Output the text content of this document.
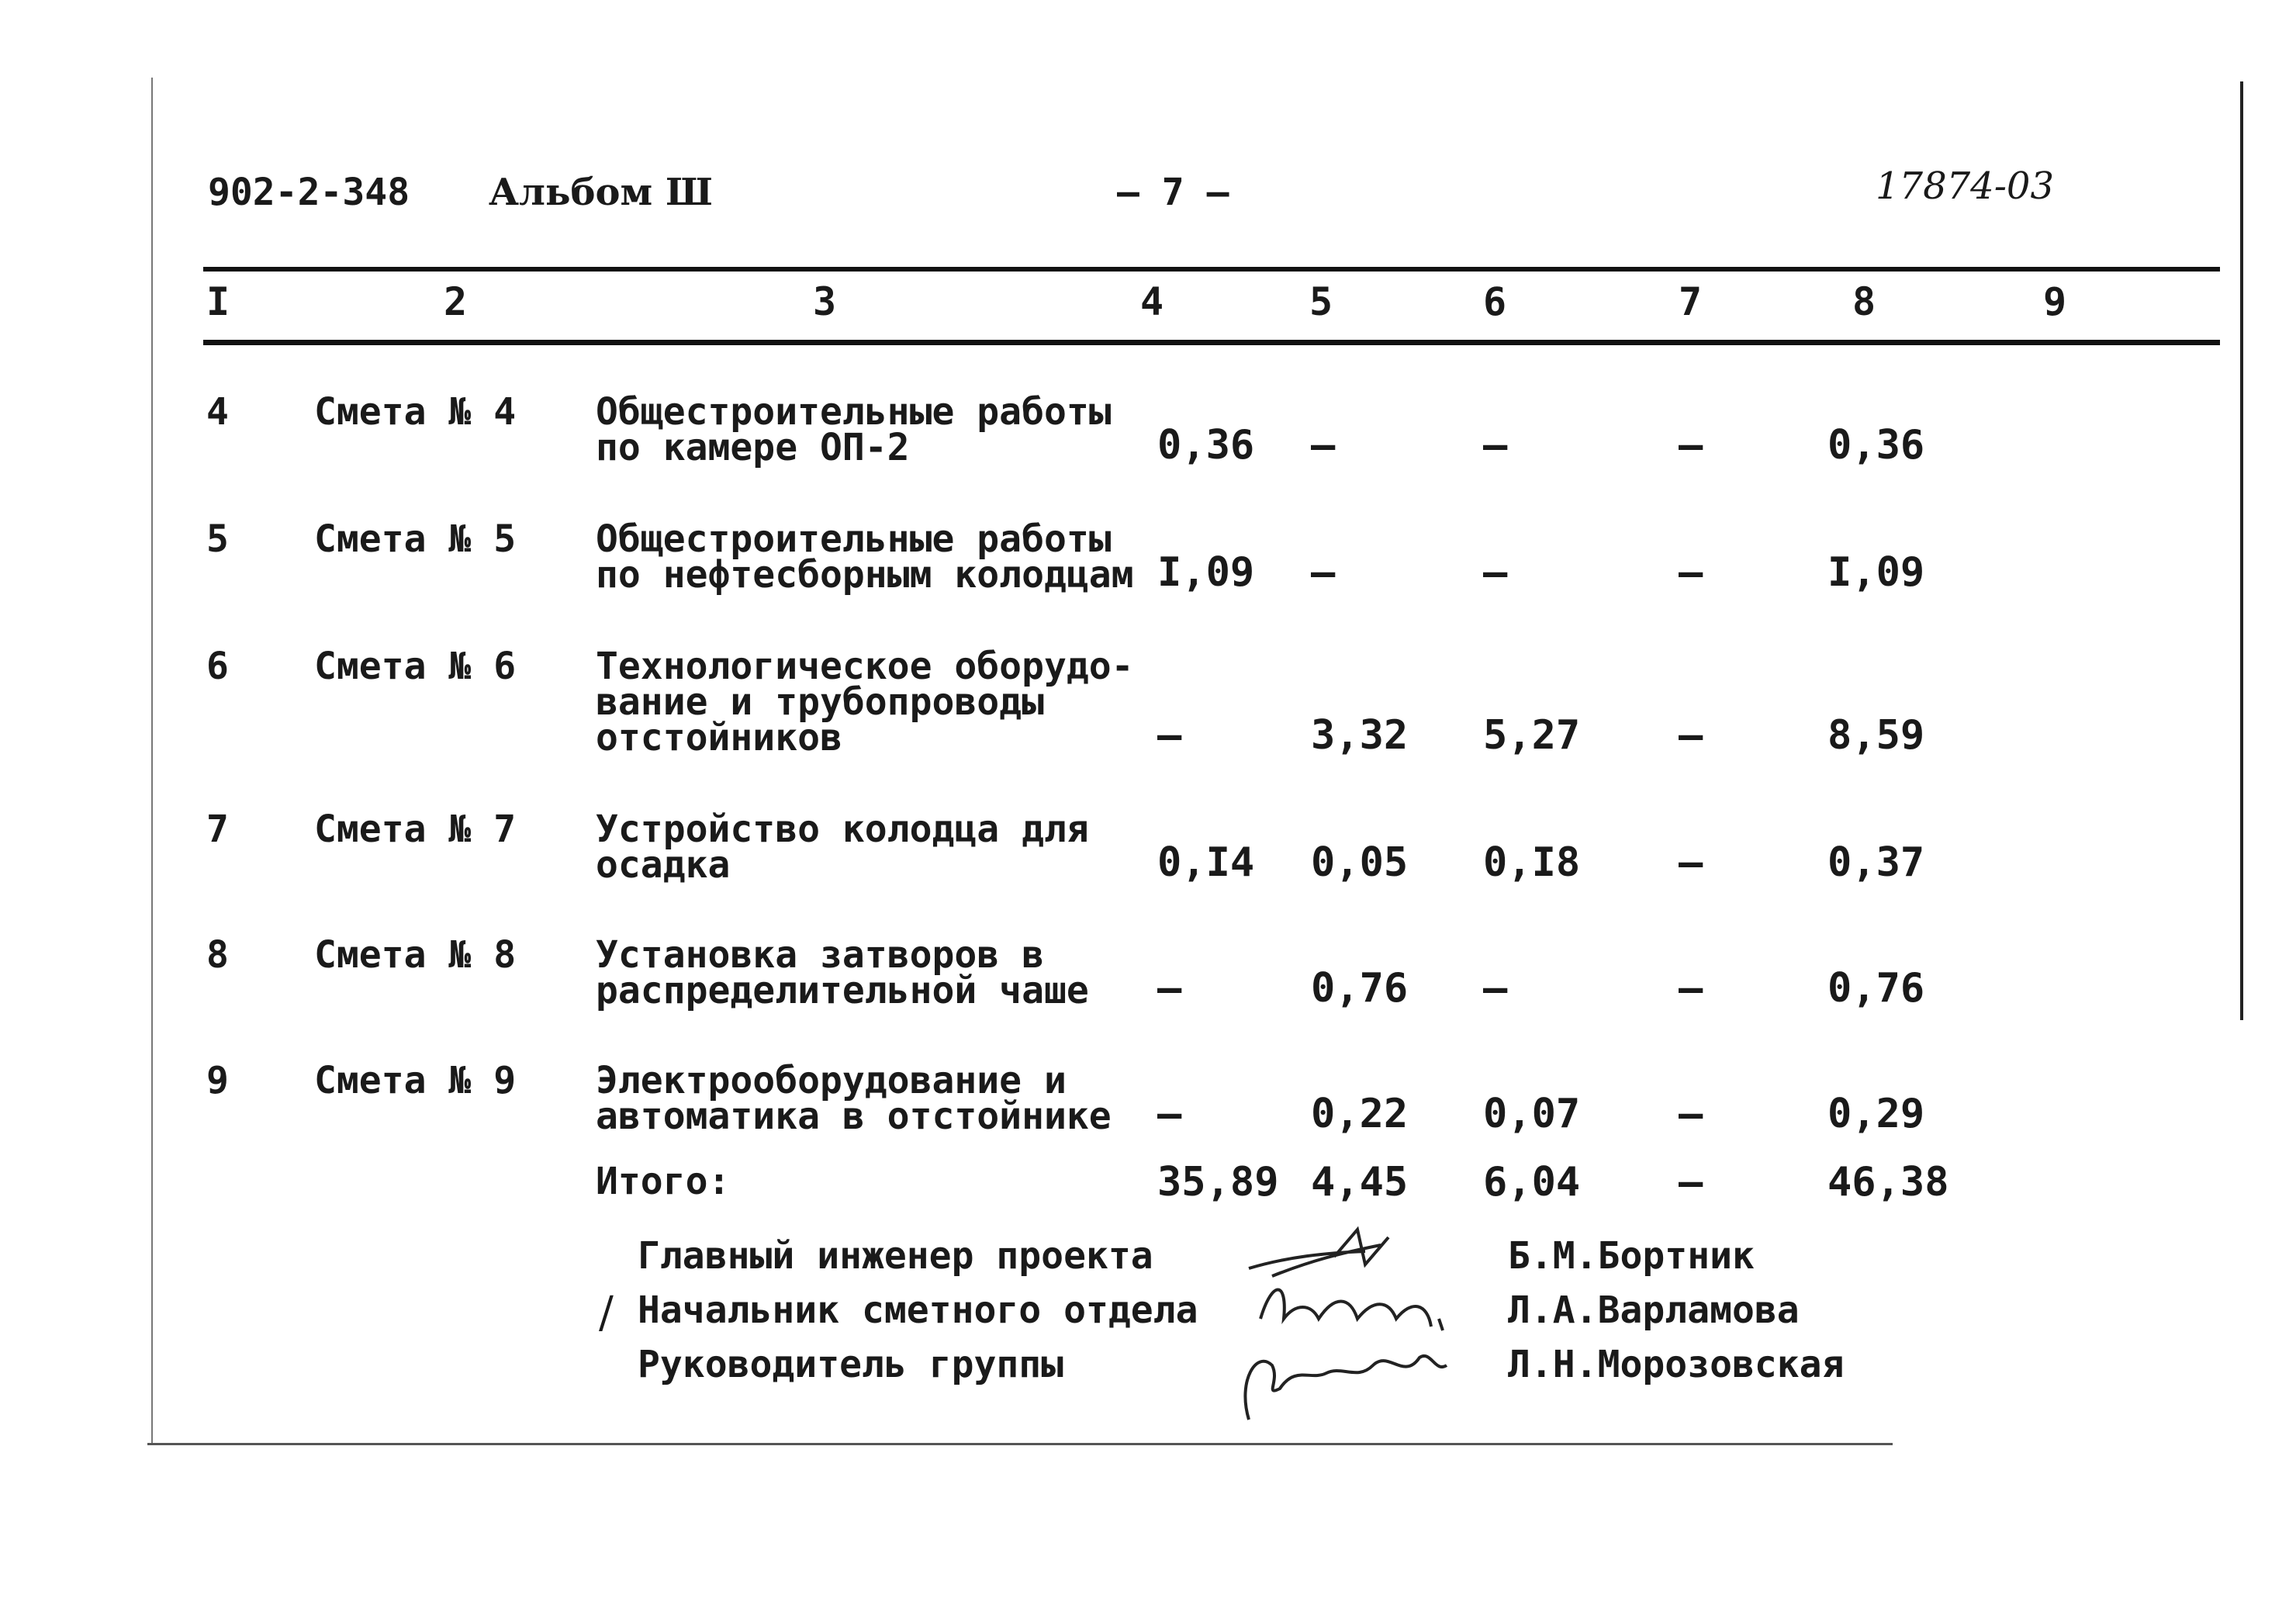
902-2-348 Альбом Ш	– 7 –	17874-03
I	2	3	4	5	6	7	8	9
4 Смета № 4 Общестроительные работы
по камере ОП-2	0,36 –	–	–	0,36
5 Смета № 5 Общестроительные работы
по нефтесборным колодцам I,09 –	–	–	I,09
6 Смета № 6 Технологическое оборудо-
вание и трубопроводы
отстойников	–	3,32 5,27 –	8,59
7 Смета № 7 Устройство колодца для
осадка	0,I4 0,05 0,I8 –	0,37
8 Смета № 8 Установка затворов в
распределительной чаше –	0,76 –	–	0,76
9 Смета № 9 Электрооборудование и
автоматика в отстойнике –	0,22 0,07 –	0,29
Итого:	35,89 4,45 6,04 –	46,38
Главный инженер проекта
Начальник сметного отдела
Руководитель группы
Б.М.Бортник
Л.А.Варламова
Л.Н.Морозовская
/
